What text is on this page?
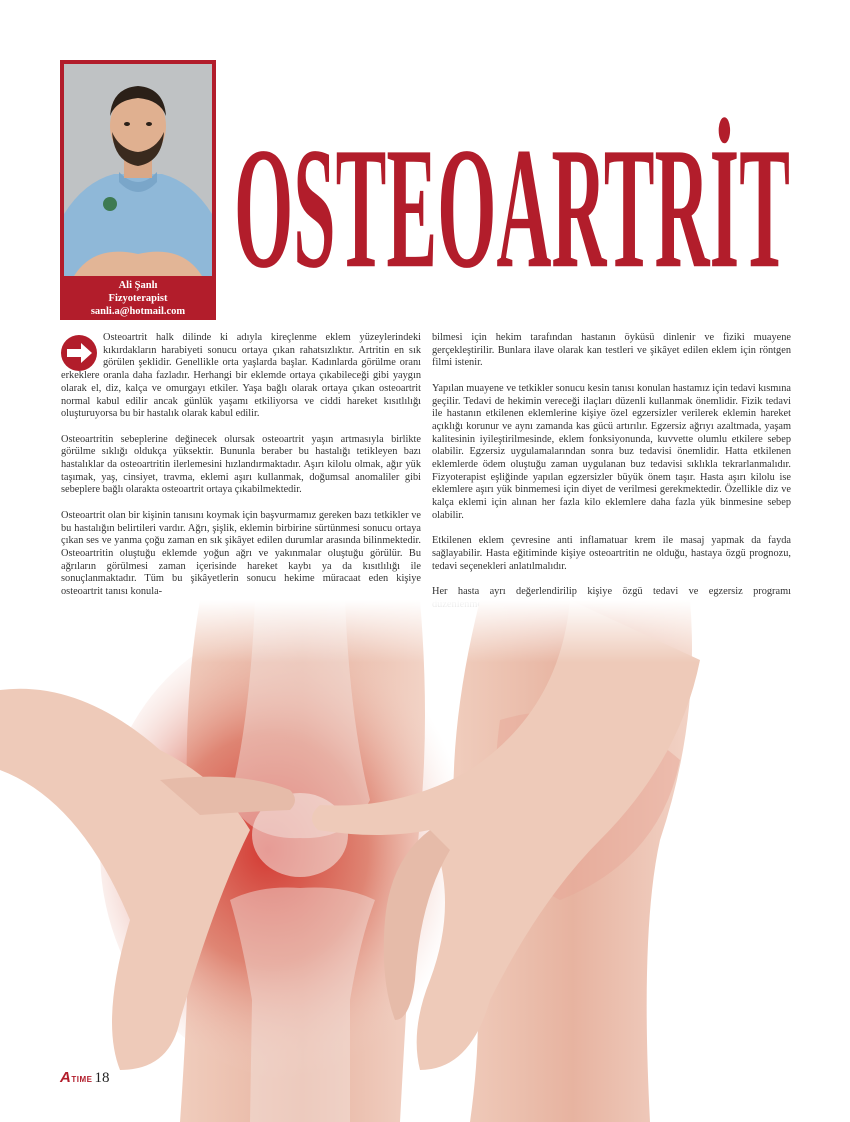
Ali Şanlı
Fizyoterapist
sanli.a@hotmail.com
OSTEOARTRİT

Osteoartrit halk dilinde ki adıyla kireçlenme eklem yüzeylerindeki kıkırdakların harabiyeti sonucu ortaya çıkan rahatsızlıktır. Artritin en sık görülen şeklidir. Genellikle orta yaşlarda başlar. Kadınlarda görülme oranı erkeklere oranla daha fazladır. Herhangi bir eklemde ortaya çıkabileceği gibi yaygın olarak el, diz, kalça ve omurgayı etkiler. Yaşa bağlı olarak ortaya çıkan osteoartrit normal kabul edilir ancak günlük yaşamı etkiliyorsa ve ciddi hareket kısıtlılığı oluşturuyorsa bu bir hastalık olarak kabul edilir.

Osteoartritin sebeplerine değinecek olursak osteoartrit yaşın artmasıyla birlikte görülme sıklığı oldukça yüksektir. Bununla beraber bu hastalığı tetikleyen bazı hastalıklar da osteoartritin ilerlemesini hızlandırmaktadır. Aşırı kilolu olmak, ağır yük taşımak, yaş, cinsiyet, travma, eklemi aşırı kullanmak, doğumsal anomaliler gibi sebeplere bağlı olarakta osteoartrit ortaya çıkabilmektedir.

Osteoartrit olan bir kişinin tanısını koymak için başvurmamız gereken bazı tetkikler ve bu hastalığın belirtileri vardır. Ağrı, şişlik, eklemin birbirine sürtünmesi sonucu ortaya çıkan ses ve yanma çoğu zaman en sık şikâyet edilen durumlar arasında bilinmektedir. Osteoartritin oluştuğu eklemde yoğun ağrı ve yakınmalar oluştuğu görülür. Bu ağrıların görülmesi zaman içerisinde hareket kaybı ya da kısıtlılığı ile sonuçlanmaktadır. Tüm bu şikâyetlerin sonucu hekime müracaat eden kişiye osteoartrit tanısı konula-

bilmesi için hekim tarafından hastanın öyküsü dinlenir ve fiziki muayene gerçekleştirilir. Bunlara ilave olarak kan testleri ve şikâyet edilen eklem için röntgen filmi istenir.

Yapılan muayene ve tetkikler sonucu kesin tanısı konulan hastamız için tedavi kısmına geçilir. Tedavi de hekimin vereceği ilaçları düzenli kullanmak önemlidir. Fizik tedavi ile hastanın etkilenen eklemlerine kişiye özel egzersizler verilerek eklemin hareket açıklığı korunur ve aynı zamanda kas gücü artırılır. Egzersiz ağrıyı azaltmada, yaşam kalitesinin iyileştirilmesinde, eklem fonksiyonunda, kuvvette olumlu etkilere sebep olabilir. Egzersiz uygulamalarından sonra buz tedavisi önemlidir. Hatta etkilenen eklemlerde ödem oluştuğu zaman uygulanan buz tedavisi sıklıkla tekrarlanmalıdır. Fizyoterapist eşliğinde yapılan egzersizler büyük önem taşır. Hasta aşırı kilolu ise eklemlere aşırı yük binmemesi için diyet de verilmesi gerekmektedir. Özellikle diz ve kalça eklemi için alınan her fazla kilo eklemlere daha fazla yük binmesine sebep olabilir.

Etkilenen eklem çevresine anti inflamatuar krem ile masaj yapmak da fayda sağlayabilir. Hasta eğitiminde kişiye osteoartritin ne olduğu, hastaya özgü prognozu, tedavi seçenekleri anlatılmalıdır.

Her hasta ayrı değerlendirilip kişiye özgü tedavi ve egzersiz programı

ATIME 18
